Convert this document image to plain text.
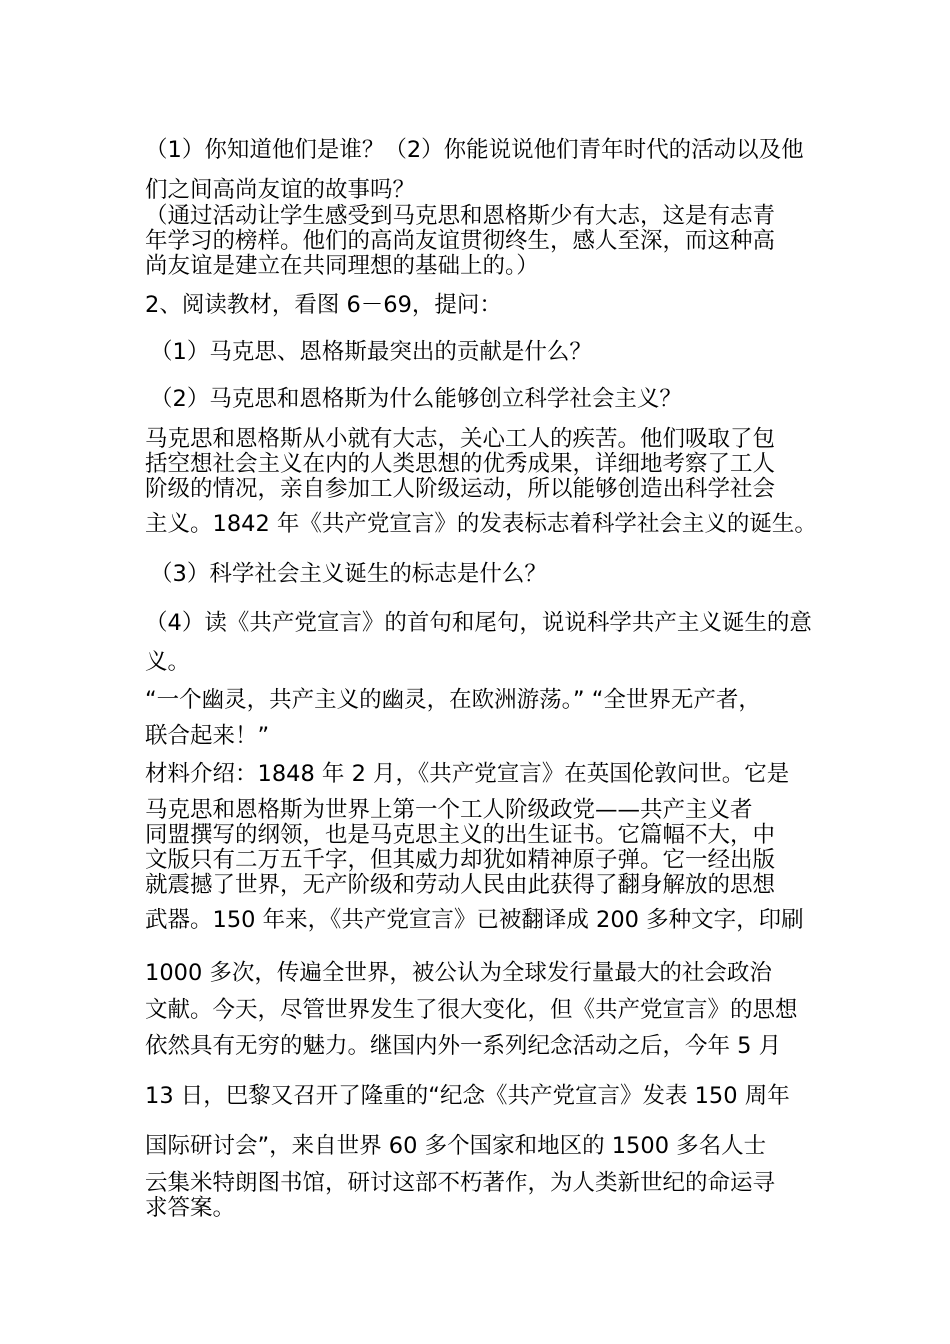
（1）你知道他们是谁？（2）你能说说他们青年时代的活动以及他

们之间高尚友谊的故事吗？

（通过活动让学生感受到马克思和恩格斯少有大志，这是有志青

年学习的榜样。他们的高尚友谊贯彻终生，感人至深，而这种高

尚友谊是建立在共同理想的基础上的。）

2、阅读教材，看图 6－69，提问：

（1）马克思、恩格斯最突出的贡献是什么？

（2）马克思和恩格斯为什么能够创立科学社会主义？

马克思和恩格斯从小就有大志，关心工人的疾苦。他们吸取了包

括空想社会主义在内的人类思想的优秀成果，详细地考察了工人

阶级的情况，亲自参加工人阶级运动，所以能够创造出科学社会

主义。1842 年《共产党宣言》的发表标志着科学社会主义的诞生。

（3）科学社会主义诞生的标志是什么？

（4）读《共产党宣言》的首句和尾句，说说科学共产主义诞生的意

义。

“一个幽灵，共产主义的幽灵，在欧洲游荡。” “全世界无产者，

联合起来！”

材料介绍：1848 年 2 月，《共产党宣言》在英国伦敦问世。它是

马克思和恩格斯为世界上第一个工人阶级政党——共产主义者

同盟撰写的纲领，也是马克思主义的出生证书。它篇幅不大，中

文版只有二万五千字，但其威力却犹如精神原子弹。它一经出版

就震撼了世界，无产阶级和劳动人民由此获得了翻身解放的思想

武器。150 年来，《共产党宣言》已被翻译成 200 多种文字，印刷

1000 多次，传遍全世界，被公认为全球发行量最大的社会政治

文献。今天，尽管世界发生了很大变化，但《共产党宣言》的思想

依然具有无穷的魅力。继国内外一系列纪念活动之后，今年 5 月

13 日，巴黎又召开了隆重的“纪念《共产党宣言》发表 150 周年

国际研讨会”，来自世界 60 多个国家和地区的 1500 多名人士

云集米特朗图书馆，研讨这部不朽著作，为人类新世纪的命运寻

求答案。
